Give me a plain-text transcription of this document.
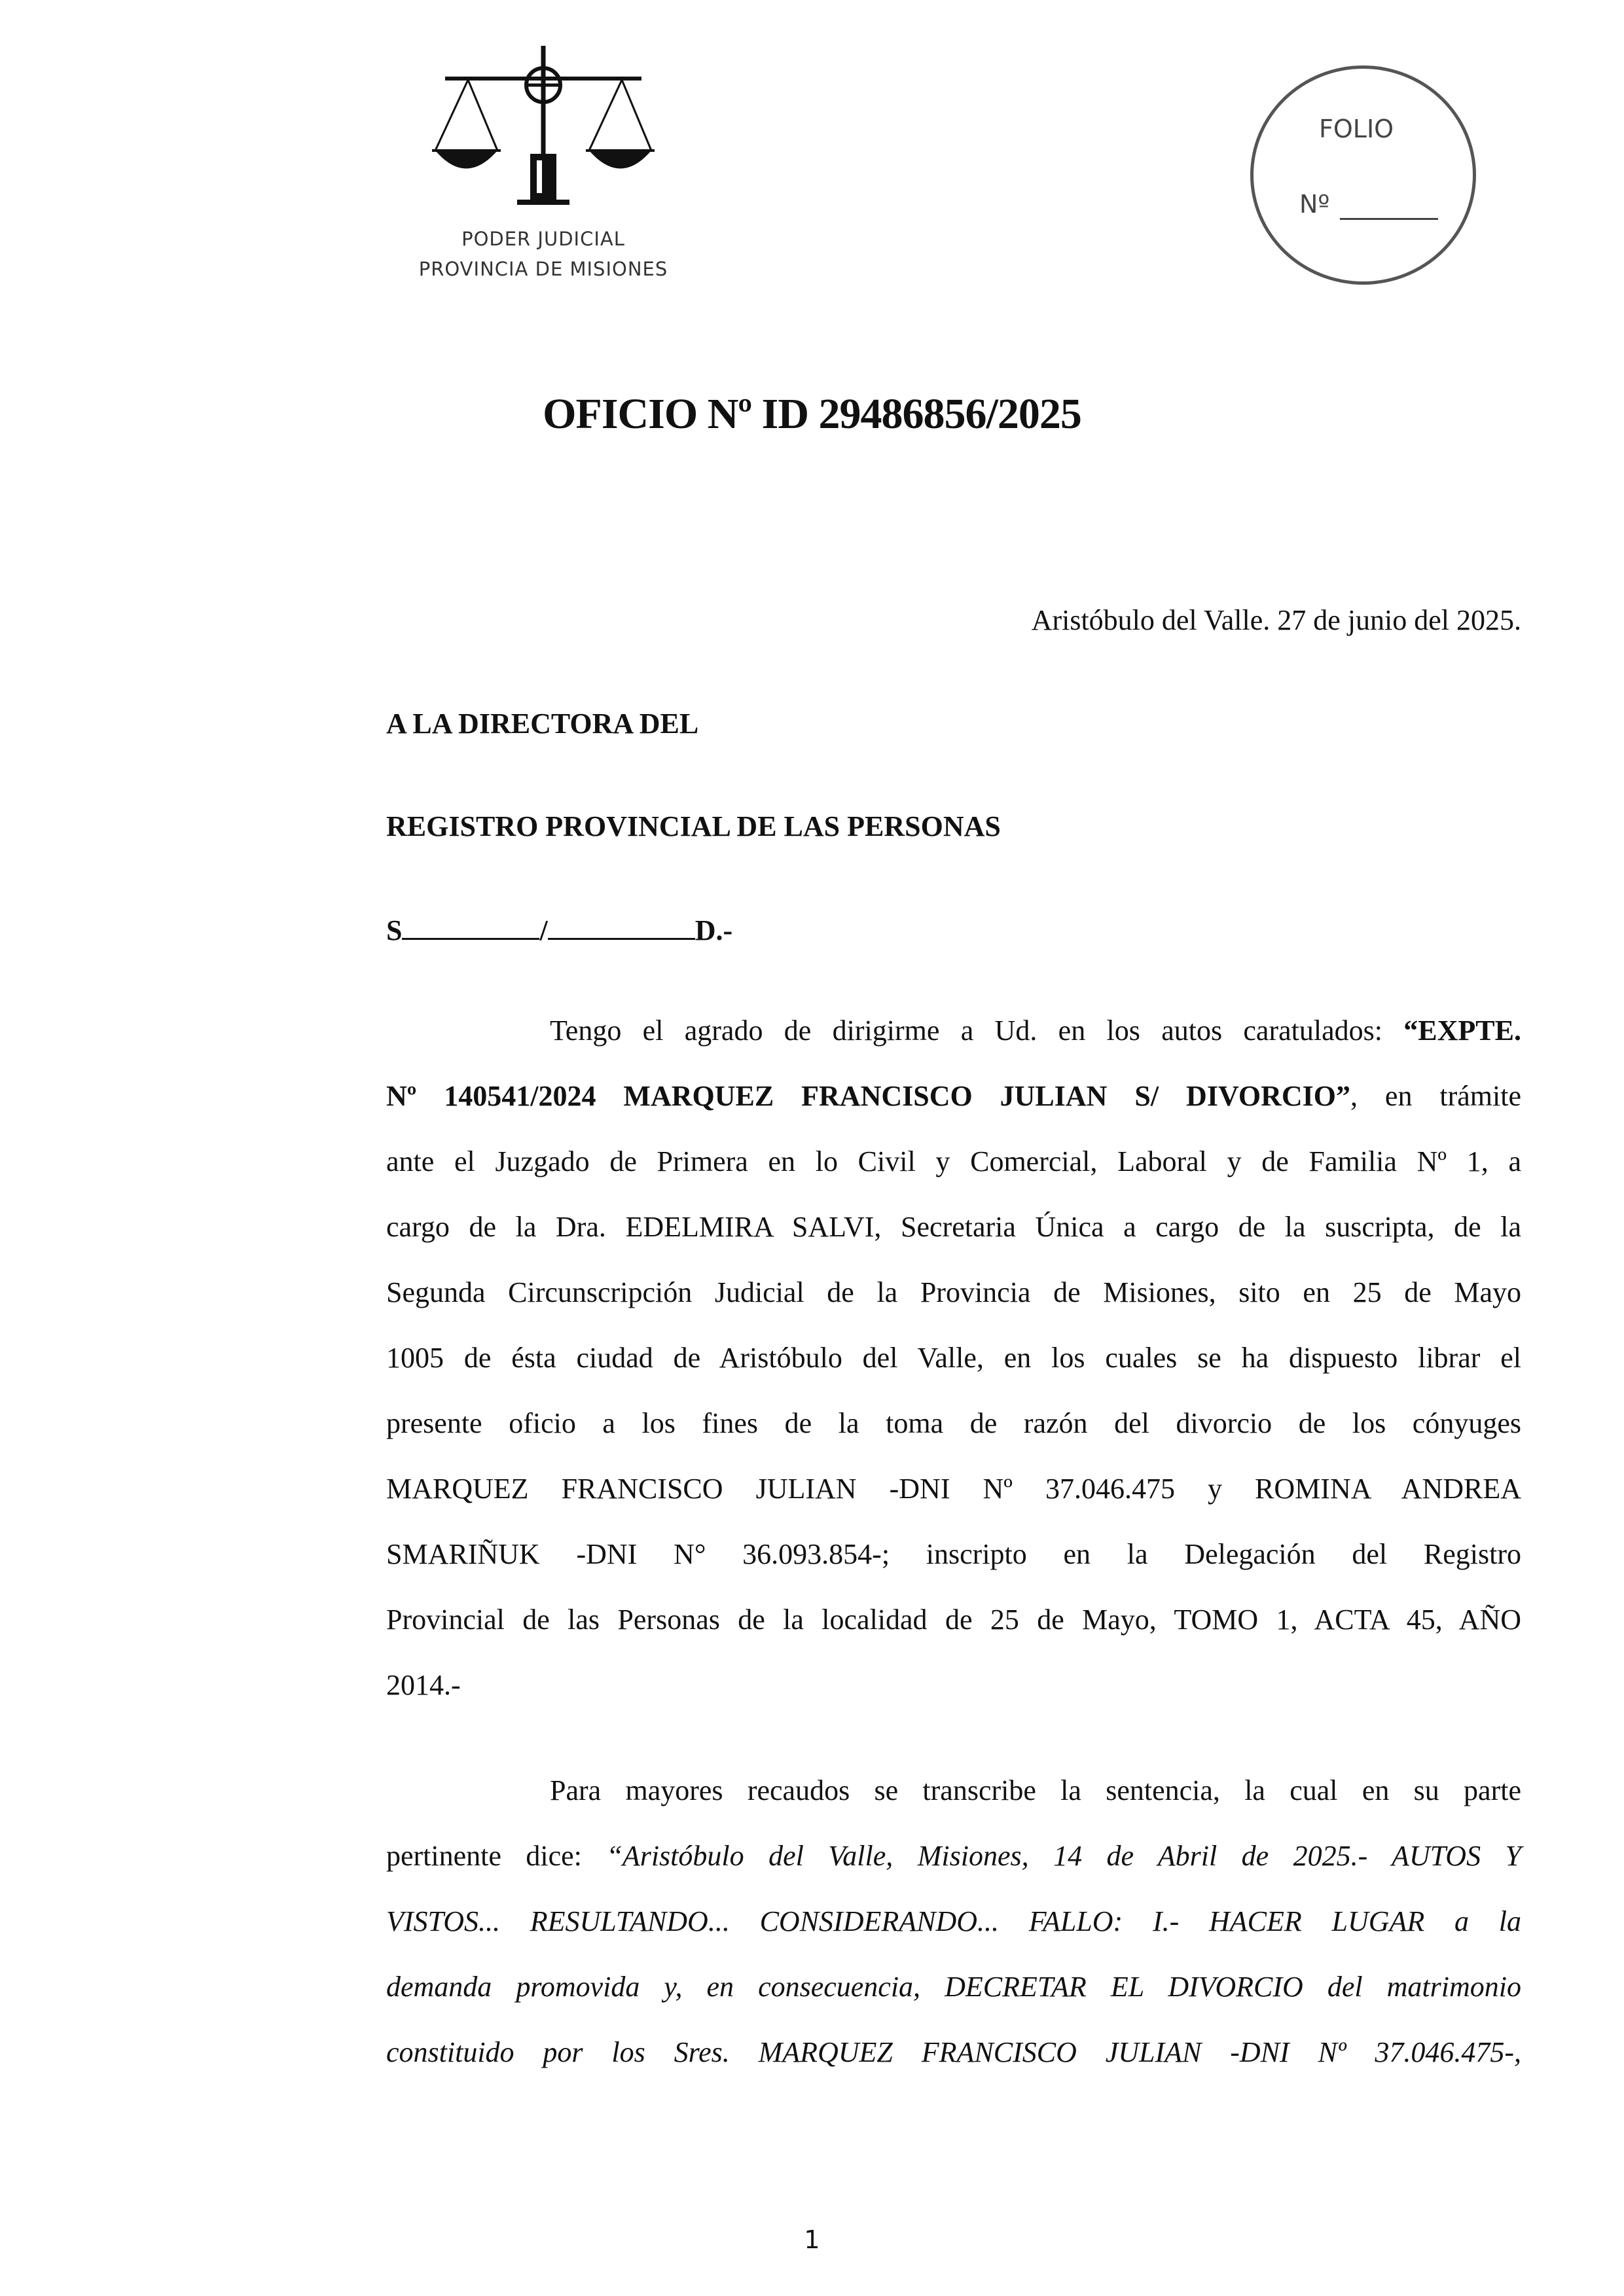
PODER JUDICIAL
PROVINCIA DE MISIONES
FOLIO
Nº
OFICIO Nº ID 29486856/2025
Aristóbulo del Valle. 27 de junio del 2025.
A LA DIRECTORA DEL
REGISTRO PROVINCIAL DE LAS PERSONAS
S	/	D.-
Tengo el agrado de dirigirme a Ud. en los autos caratulados: “EXPTE.
Nº 140541/2024 MARQUEZ FRANCISCO JULIAN S/ DIVORCIO”, en trámite
ante el Juzgado de Primera en lo Civil y Comercial, Laboral y de Familia Nº 1, a
cargo de la Dra. EDELMIRA SALVI, Secretaria Única a cargo de la suscripta, de la
Segunda Circunscripción Judicial de la Provincia de Misiones, sito en 25 de Mayo
1005 de ésta ciudad de Aristóbulo del Valle, en los cuales se ha dispuesto librar el
presente oficio a los fines de la toma de razón del divorcio de los cónyuges
MARQUEZ FRANCISCO JULIAN -DNI Nº 37.046.475 y ROMINA ANDREA
SMARIÑUK -DNI N° 36.093.854-; inscripto en la Delegación del Registro
Provincial de las Personas de la localidad de 25 de Mayo, TOMO 1, ACTA 45, AÑO
2014.-
Para mayores recaudos se transcribe la sentencia, la cual en su parte
pertinente dice: “Aristóbulo del Valle, Misiones, 14 de Abril de 2025.- AUTOS Y
VISTOS... RESULTANDO... CONSIDERANDO... FALLO: I.- HACER LUGAR a la
demanda promovida y, en consecuencia, DECRETAR EL DIVORCIO del matrimonio
constituido por los Sres. MARQUEZ FRANCISCO JULIAN -DNI Nº 37.046.475-,
1
